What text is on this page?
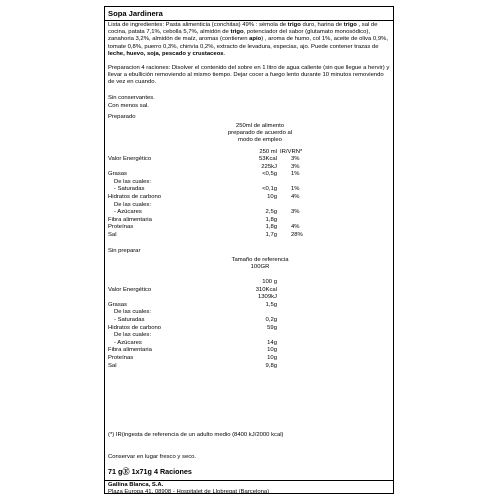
Sopa Jardinera
Lista de ingredientes: Pasta alimenticia (conchitas) 49% : sémola de trigo duro, harina de trigo , sal de cocina, patata 7,1%, cebolla 5,7%, almidón de trigo, potenciador del sabor (glutamato monosódico), zanahoria 3,2%, almidón de maíz, aromas (contienen apio) , aroma de humo, col 1%, aceite de oliva 0,9%, tomate 0,8%, puerro 0,3%, chirivía 0,2%, extracto de levadura, especias, ajo. Puede contener trazas de leche, huevo, soja, pescado y crustaceos.
Preparacion 4 raciones: Disolver el contenido del sobre en 1 litro de agua caliente (sin que llegue a hervir) y llevar a ebullición removiendo al mismo tiempo. Dejar cocer a fuego lento durante 10 minutos removiendo de vez en cuando.
Sin conservantes.
Con menos sal.
Preparado
250ml de alimento
preparado de acuerdo al
modo de empleo
250 ml IR/VRN*
Sin preparar
Tamaño de referencia
100GR
(*) IR(ingesta de referencia de un adulto medio (8400 kJ/2000 kcal)
Conservar en lugar fresco y seco.
71 gⒺ 1x71g 4 Raciones
Gallina Blanca, S.A.
Plaza Europa 41. 08908 - Hospitalet de Llobregat (Barcelona)
Valor Energético	53Kcal 3%
225kJ 3%
Grasas	<0,5g 1%
De las cuales:
- Saturadas	<0,1g 1%
Hidratos de carbono	10g 4%
De las cuales:
- Azúcares	2,5g 3%
Fibra alimentaria	1,8g
Proteínas	1,8g 4%
Sal	1,7g 28%
100 g
Valor Energético	310Kcal
1309kJ
Grasas	1,5g
De las cuales:
- Saturadas	0,2g
Hidratos de carbono	59g
De las cuales:
- Azúcares	14g
Fibra alimentaria	10g
Proteínas	10g
Sal	9,8g
